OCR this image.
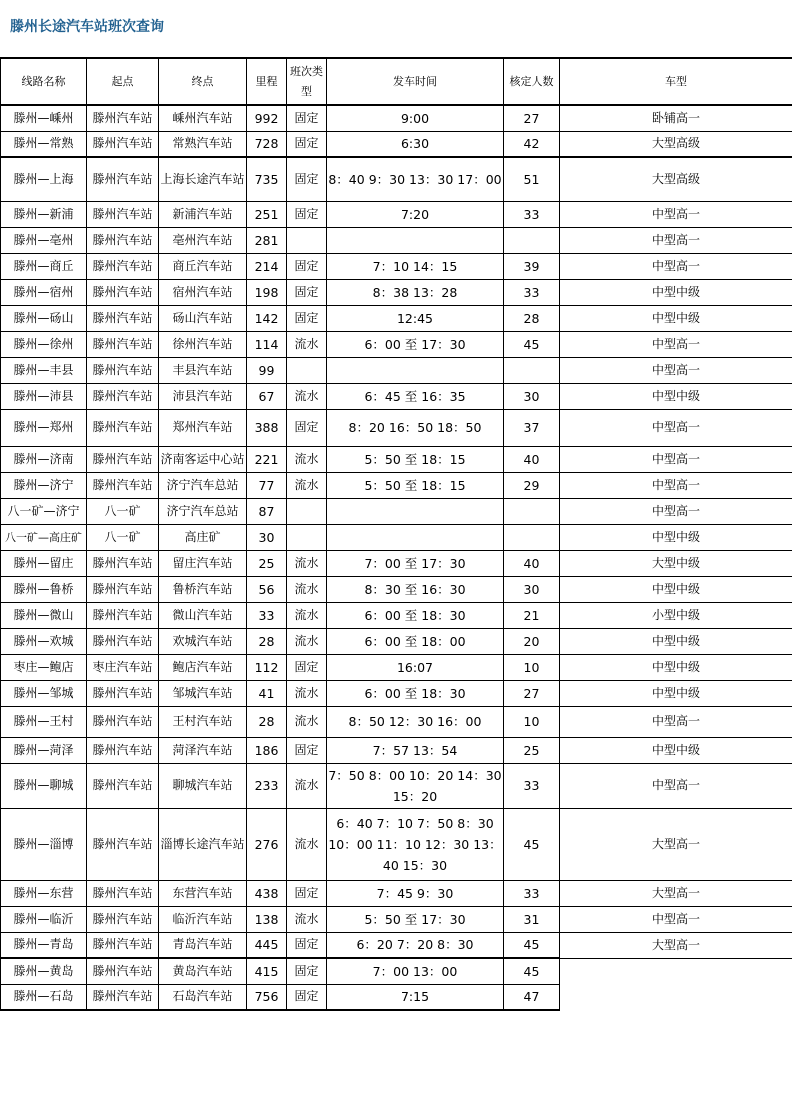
滕州长途汽车站班次查询
线路名称	起点	终点	里程	班次类型	发车时间	核定人数	车型
滕州—嵊州	滕州汽车站	嵊州汽车站	992	固定	9:00	27	卧铺高一
滕州—常熟	滕州汽车站	常熟汽车站	728	固定	6:30	42	大型高级
滕州—上海	滕州汽车站	上海长途汽车站	735	固定	8：40 9：30 13：30 17：00	51	大型高级
滕州—新浦	滕州汽车站	新浦汽车站	251	固定	7:20	33	中型高一
滕州—亳州	滕州汽车站	亳州汽车站	281				中型高一
滕州—商丘	滕州汽车站	商丘汽车站	214	固定	7：10 14：15	39	中型高一
滕州—宿州	滕州汽车站	宿州汽车站	198	固定	8：38 13：28	33	中型中级
滕州—砀山	滕州汽车站	砀山汽车站	142	固定	12:45	28	中型中级
滕州—徐州	滕州汽车站	徐州汽车站	114	流水	6：00 至 17：30	45	中型高一
滕州—丰县	滕州汽车站	丰县汽车站	99				中型高一
滕州—沛县	滕州汽车站	沛县汽车站	67	流水	6：45 至 16：35	30	中型中级
滕州—郑州	滕州汽车站	郑州汽车站	388	固定	8：20 16：50 18：50	37	中型高一
滕州—济南	滕州汽车站	济南客运中心站	221	流水	5：50 至 18：15	40	中型高一
滕州—济宁	滕州汽车站	济宁汽车总站	77	流水	5：50 至 18：15	29	中型高一
八一矿—济宁	八一矿	济宁汽车总站	87				中型高一
八一矿—高庄矿	八一矿	高庄矿	30				中型中级
滕州—留庄	滕州汽车站	留庄汽车站	25	流水	7：00 至 17：30	40	大型中级
滕州—鲁桥	滕州汽车站	鲁桥汽车站	56	流水	8：30 至 16：30	30	中型中级
滕州—微山	滕州汽车站	微山汽车站	33	流水	6：00 至 18：30	21	小型中级
滕州—欢城	滕州汽车站	欢城汽车站	28	流水	6：00 至 18：00	20	中型中级
枣庄—鲍店	枣庄汽车站	鲍店汽车站	112	固定	16:07	10	中型中级
滕州—邹城	滕州汽车站	邹城汽车站	41	流水	6：00 至 18：30	27	中型中级
滕州—王村	滕州汽车站	王村汽车站	28	流水	8：50 12：30 16：00	10	中型高一
滕州—菏泽	滕州汽车站	菏泽汽车站	186	固定	7：57 13：54	25	中型中级
滕州—聊城	滕州汽车站	聊城汽车站	233	流水	7：50 8：00 10：20 14：30 15：20	33	中型高一
滕州—淄博	滕州汽车站	淄博长途汽车站	276	流水	6：40 7：10 7：50 8：30 10：00 11：10 12：30 13：40 15：30	45	大型高一
滕州—东营	滕州汽车站	东营汽车站	438	固定	7：45 9：30	33	大型高一
滕州—临沂	滕州汽车站	临沂汽车站	138	流水	5：50 至 17：30	31	中型高一
滕州—青岛	滕州汽车站	青岛汽车站	445	固定	6：20 7：20 8：30	45	大型高一
滕州—黄岛	滕州汽车站	黄岛汽车站	415	固定	7：00 13：00	45	
滕州—石岛	滕州汽车站	石岛汽车站	756	固定	7:15	47	
